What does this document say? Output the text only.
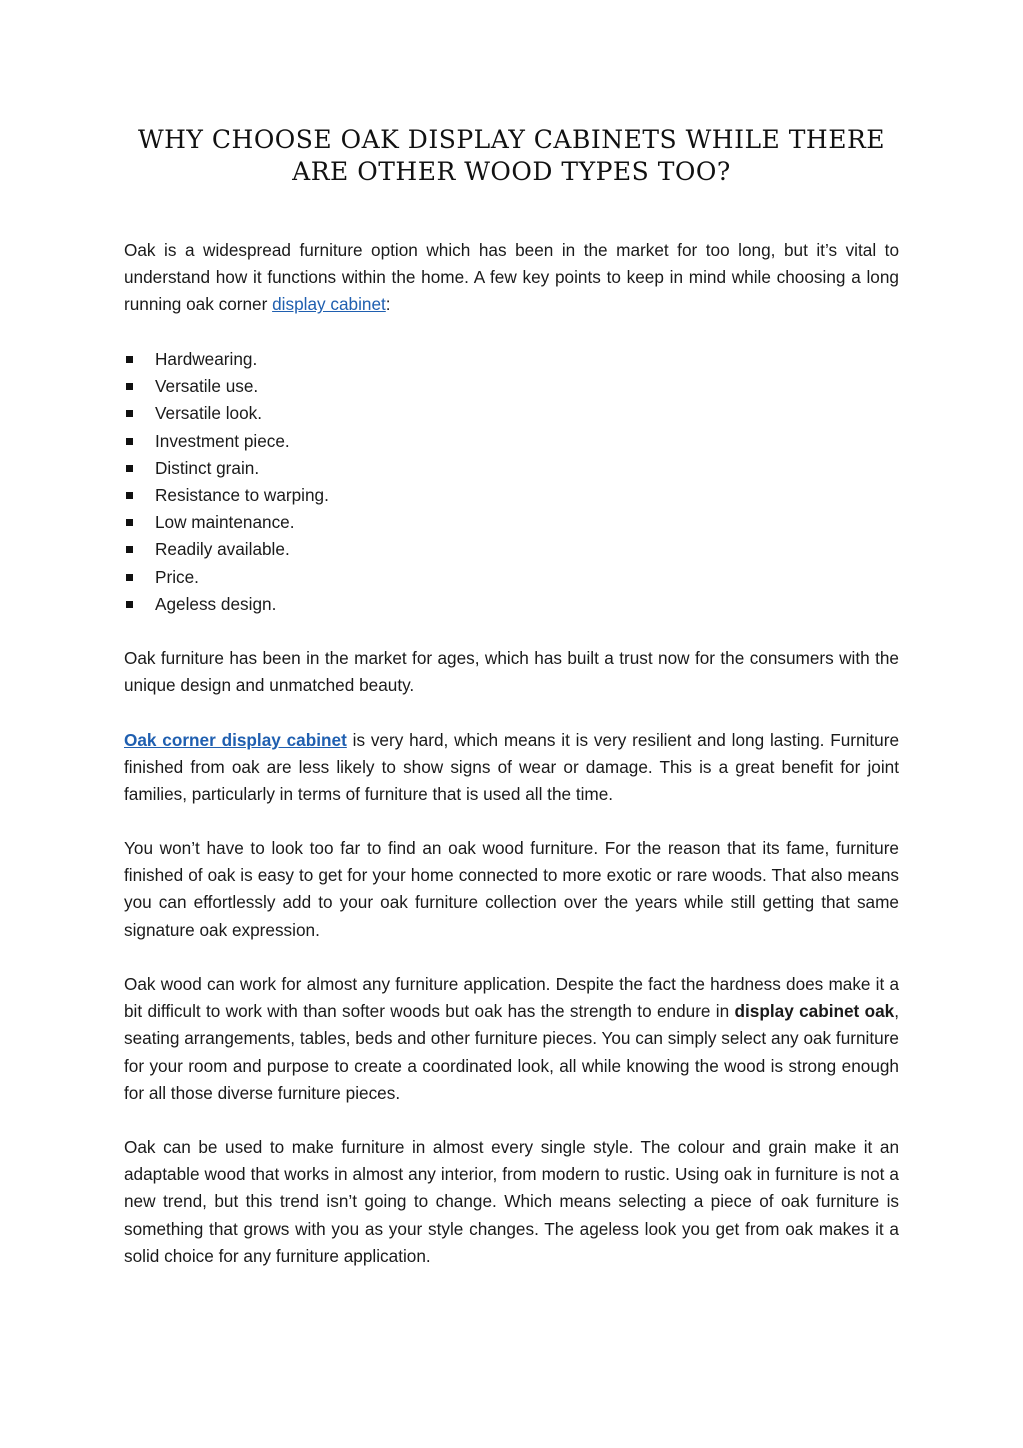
WHY CHOOSE OAK DISPLAY CABINETS WHILE THERE ARE OTHER WOOD TYPES TOO?

Oak is a widespread furniture option which has been in the market for too long, but it’s vital to understand how it functions within the home. A few key points to keep in mind while choosing a long running oak corner display cabinet:

Hardwearing.
Versatile use.
Versatile look.
Investment piece.
Distinct grain.
Resistance to warping.
Low maintenance.
Readily available.
Price.
Ageless design.

Oak furniture has been in the market for ages, which has built a trust now for the consumers with the unique design and unmatched beauty.

Oak corner display cabinet is very hard, which means it is very resilient and long lasting. Furniture finished from oak are less likely to show signs of wear or damage. This is a great benefit for joint families, particularly in terms of furniture that is used all the time.

You won’t have to look too far to find an oak wood furniture. For the reason that its fame, furniture finished of oak is easy to get for your home connected to more exotic or rare woods. That also means you can effortlessly add to your oak furniture collection over the years while still getting that same signature oak expression.

Oak wood can work for almost any furniture application. Despite the fact the hardness does make it a bit difficult to work with than softer woods but oak has the strength to endure in display cabinet oak, seating arrangements, tables, beds and other furniture pieces. You can simply select any oak furniture for your room and purpose to create a coordinated look, all while knowing the wood is strong enough for all those diverse furniture pieces.

Oak can be used to make furniture in almost every single style. The colour and grain make it an adaptable wood that works in almost any interior, from modern to rustic. Using oak in furniture is not a new trend, but this trend isn’t going to change. Which means selecting a piece of oak furniture is something that grows with you as your style changes. The ageless look you get from oak makes it a solid choice for any furniture application.
